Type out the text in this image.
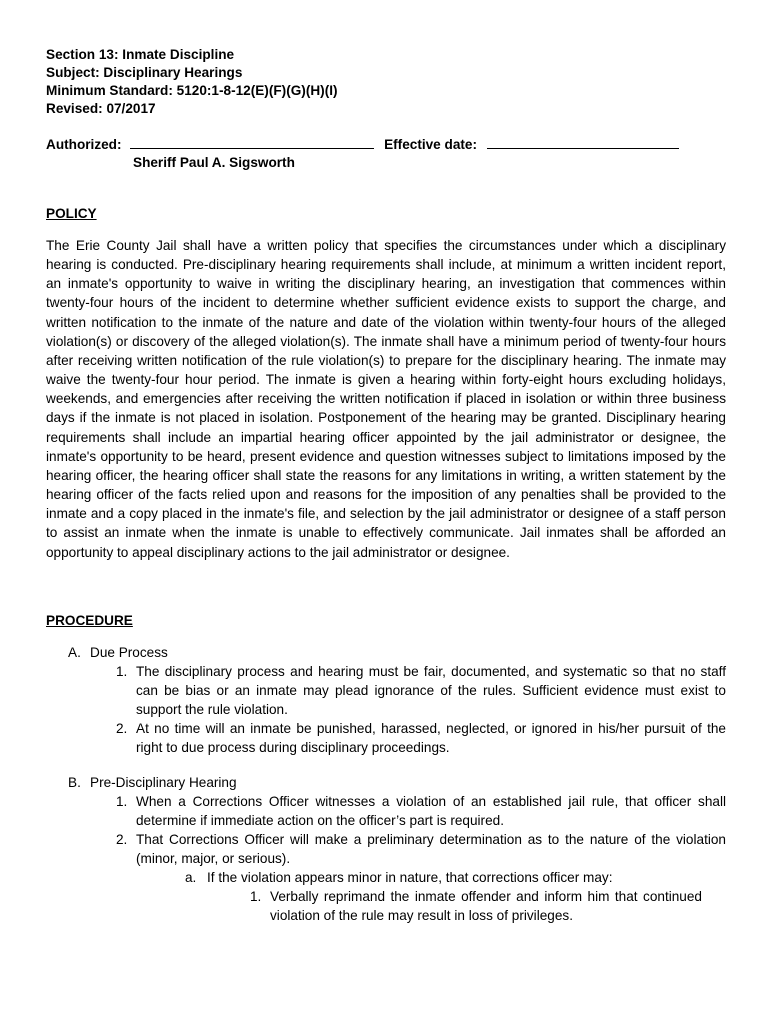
Section 13: Inmate Discipline
Subject: Disciplinary Hearings
Minimum Standard: 5120:1-8-12(E)(F)(G)(H)(I)
Revised: 07/2017
Authorized:	Effective date:
Sheriff Paul A. Sigsworth
POLICY
The Erie County Jail shall have a written policy that specifies the circumstances under which a disciplinary hearing is conducted. Pre-disciplinary hearing requirements shall include, at minimum a written incident report, an inmate's opportunity to waive in writing the disciplinary hearing, an investigation that commences within twenty-four hours of the incident to determine whether sufficient evidence exists to support the charge, and written notification to the inmate of the nature and date of the violation within twenty-four hours of the alleged violation(s) or discovery of the alleged violation(s). The inmate shall have a minimum period of twenty-four hours after receiving written notification of the rule violation(s) to prepare for the disciplinary hearing. The inmate may waive the twenty-four hour period. The inmate is given a hearing within forty-eight hours excluding holidays, weekends, and emergencies after receiving the written notification if placed in isolation or within three business days if the inmate is not placed in isolation. Postponement of the hearing may be granted. Disciplinary hearing requirements shall include an impartial hearing officer appointed by the jail administrator or designee, the inmate's opportunity to be heard, present evidence and question witnesses subject to limitations imposed by the hearing officer, the hearing officer shall state the reasons for any limitations in writing, a written statement by the hearing officer of the facts relied upon and reasons for the imposition of any penalties shall be provided to the inmate and a copy placed in the inmate's file, and selection by the jail administrator or designee of a staff person to assist an inmate when the inmate is unable to effectively communicate. Jail inmates shall be afforded an opportunity to appeal disciplinary actions to the jail administrator or designee.
PROCEDURE
A. Due Process
1. The disciplinary process and hearing must be fair, documented, and systematic so that no staff can be bias or an inmate may plead ignorance of the rules. Sufficient evidence must exist to support the rule violation.
2. At no time will an inmate be punished, harassed, neglected, or ignored in his/her pursuit of the right to due process during disciplinary proceedings.
B. Pre-Disciplinary Hearing
1. When a Corrections Officer witnesses a violation of an established jail rule, that officer shall determine if immediate action on the officer’s part is required.
2. That Corrections Officer will make a preliminary determination as to the nature of the violation (minor, major, or serious).
a. If the violation appears minor in nature, that corrections officer may:
1. Verbally reprimand the inmate offender and inform him that continued violation of the rule may result in loss of privileges.
